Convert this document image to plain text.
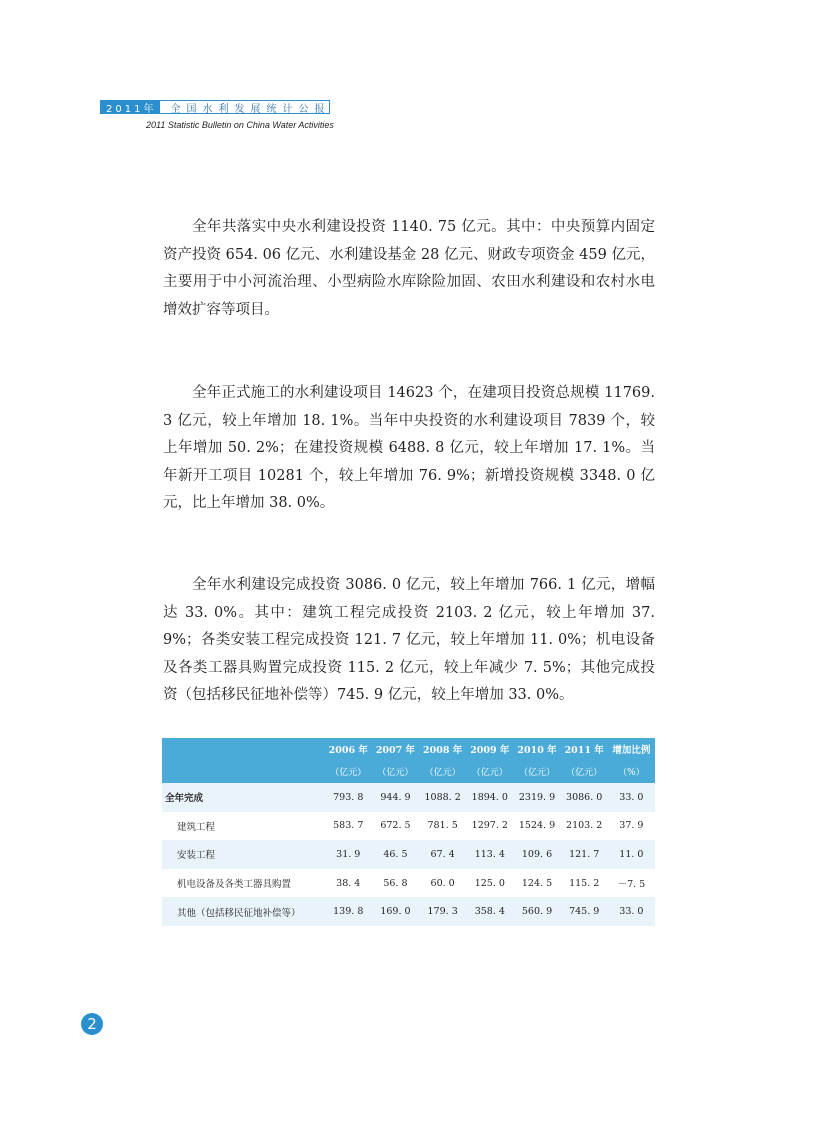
2011年	全国水利发展统计公报
2011 Statistic Bulletin on China Water Activities

全年共落实中央水利建设投资 1140. 75 亿元。其中：中央预算内固定资产投资 654. 06 亿元、水利建设基金 28 亿元、财政专项资金 459 亿元，主要用于中小河流治理、小型病险水库除险加固、农田水利建设和农村水电增效扩容等项目。

全年正式施工的水利建设项目 14623 个，在建项目投资总规模 11769. 3 亿元，较上年增加 18. 1%。当年中央投资的水利建设项目 7839 个，较上年增加 50. 2%；在建投资规模 6488. 8 亿元，较上年增加 17. 1%。当年新开工项目 10281 个，较上年增加 76. 9%；新增投资规模 3348. 0 亿元，比上年增加 38. 0%。

全年水利建设完成投资 3086. 0 亿元，较上年增加 766. 1 亿元，增幅达 33. 0%。其中：建筑工程完成投资 2103. 2 亿元，较上年增加 37. 9%；各类安装工程完成投资 121. 7 亿元，较上年增加 11. 0%；机电设备及各类工器具购置完成投资 115. 2 亿元，较上年减少 7. 5%；其他完成投资（包括移民征地补偿等）745. 9 亿元，较上年增加 33. 0%。

	2006 年	2007 年	2008 年	2009 年	2010 年	2011 年	增加比例
	（亿元）	（亿元）	（亿元）	（亿元）	（亿元）	（亿元）	（%）
全年完成	793. 8	944. 9	1088. 2	1894. 0	2319. 9	3086. 0	33. 0
建筑工程	583. 7	672. 5	781. 5	1297. 2	1524. 9	2103. 2	37. 9
安装工程	31. 9	46. 5	67. 4	113. 4	109. 6	121. 7	11. 0
机电设备及各类工器具购置	38. 4	56. 8	60. 0	125. 0	124. 5	115. 2	－7. 5
其他（包括移民征地补偿等）	139. 8	169. 0	179. 3	358. 4	560. 9	745. 9	33. 0
2
